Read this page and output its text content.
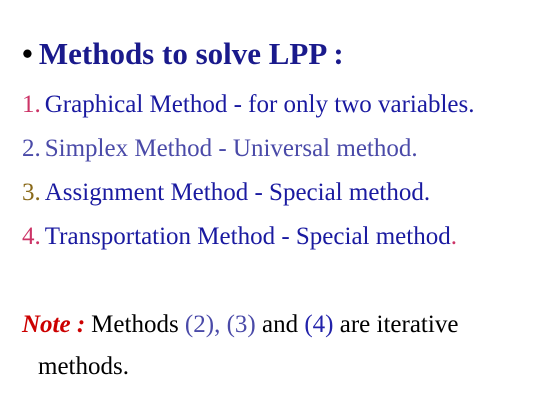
• Methods to solve LPP :
1. Graphical Method - for only two variables.
2. Simplex Method - Universal method.
3. Assignment Method - Special method.
4. Transportation Method - Special method.
Note : Methods (2), (3) and (4) are iterative
methods.
